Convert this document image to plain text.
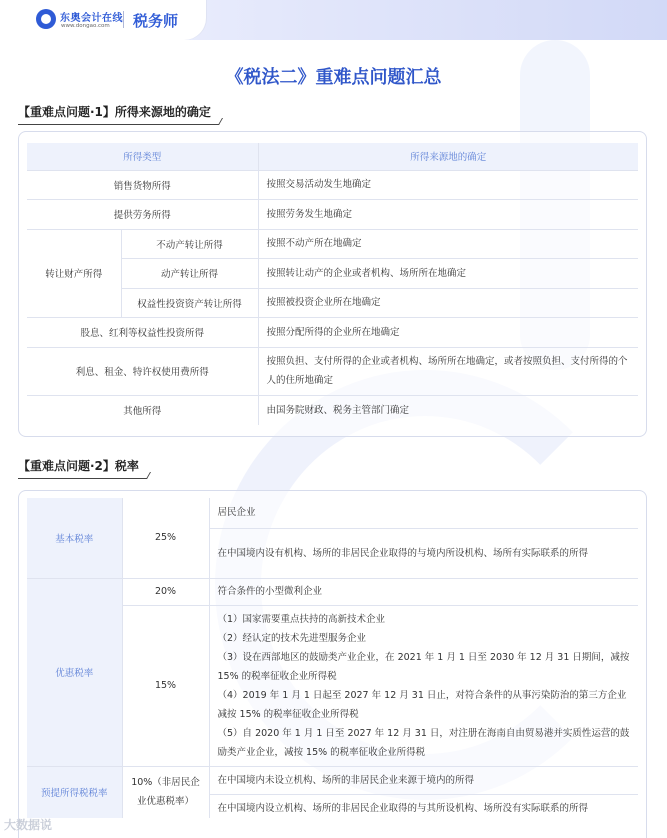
东奥会计在线
www.dongao.com 税务师
《税法二》重难点问题汇总
【重难点问题·1】所得来源地的确定
所得类型		所得来源地的确定
销售货物所得		按照交易活动发生地确定
提供劳务所得		按照劳务发生地确定
转让财产所得	不动产转让所得	按照不动产所在地确定
	动产转让所得	按照转让动产的企业或者机构、场所所在地确定
	权益性投资资产转让所得	按照被投资企业所在地确定
股息、红利等权益性投资所得		按照分配所得的企业所在地确定
利息、租金、特许权使用费所得		按照负担、支付所得的企业或者机构、场所所在地确定，或者按照负担、支付所得的个人的住所地确定
其他所得		由国务院财政、税务主管部门确定
【重难点问题·2】税率
基本税率	25%	居民企业
		在中国境内设有机构、场所的非居民企业取得的与境内所设机构、场所有实际联系的所得
优惠税率	20%	符合条件的小型微利企业
	15%	（1）国家需要重点扶持的高新技术企业
（2）经认定的技术先进型服务企业
（3）设在西部地区的鼓励类产业企业，在 2021 年 1 月 1 日至 2030 年 12 月 31 日期间，减按 15% 的税率征收企业所得税
（4）2019 年 1 月 1 日起至 2027 年 12 月 31 日止，对符合条件的从事污染防治的第三方企业减按 15% 的税率征收企业所得税
（5）自 2020 年 1 月 1 日至 2027 年 12 月 31 日，对注册在海南自由贸易港并实质性运营的鼓励类产业企业，减按 15% 的税率征收企业所得税

预提所得税税率	10%（非居民企业优惠税率）	在中国境内未设立机构、场所的非居民企业来源于境内的所得
		在中国境内设立机构、场所的非居民企业取得的与其所设机构、场所没有实际联系的所得
大数据说
